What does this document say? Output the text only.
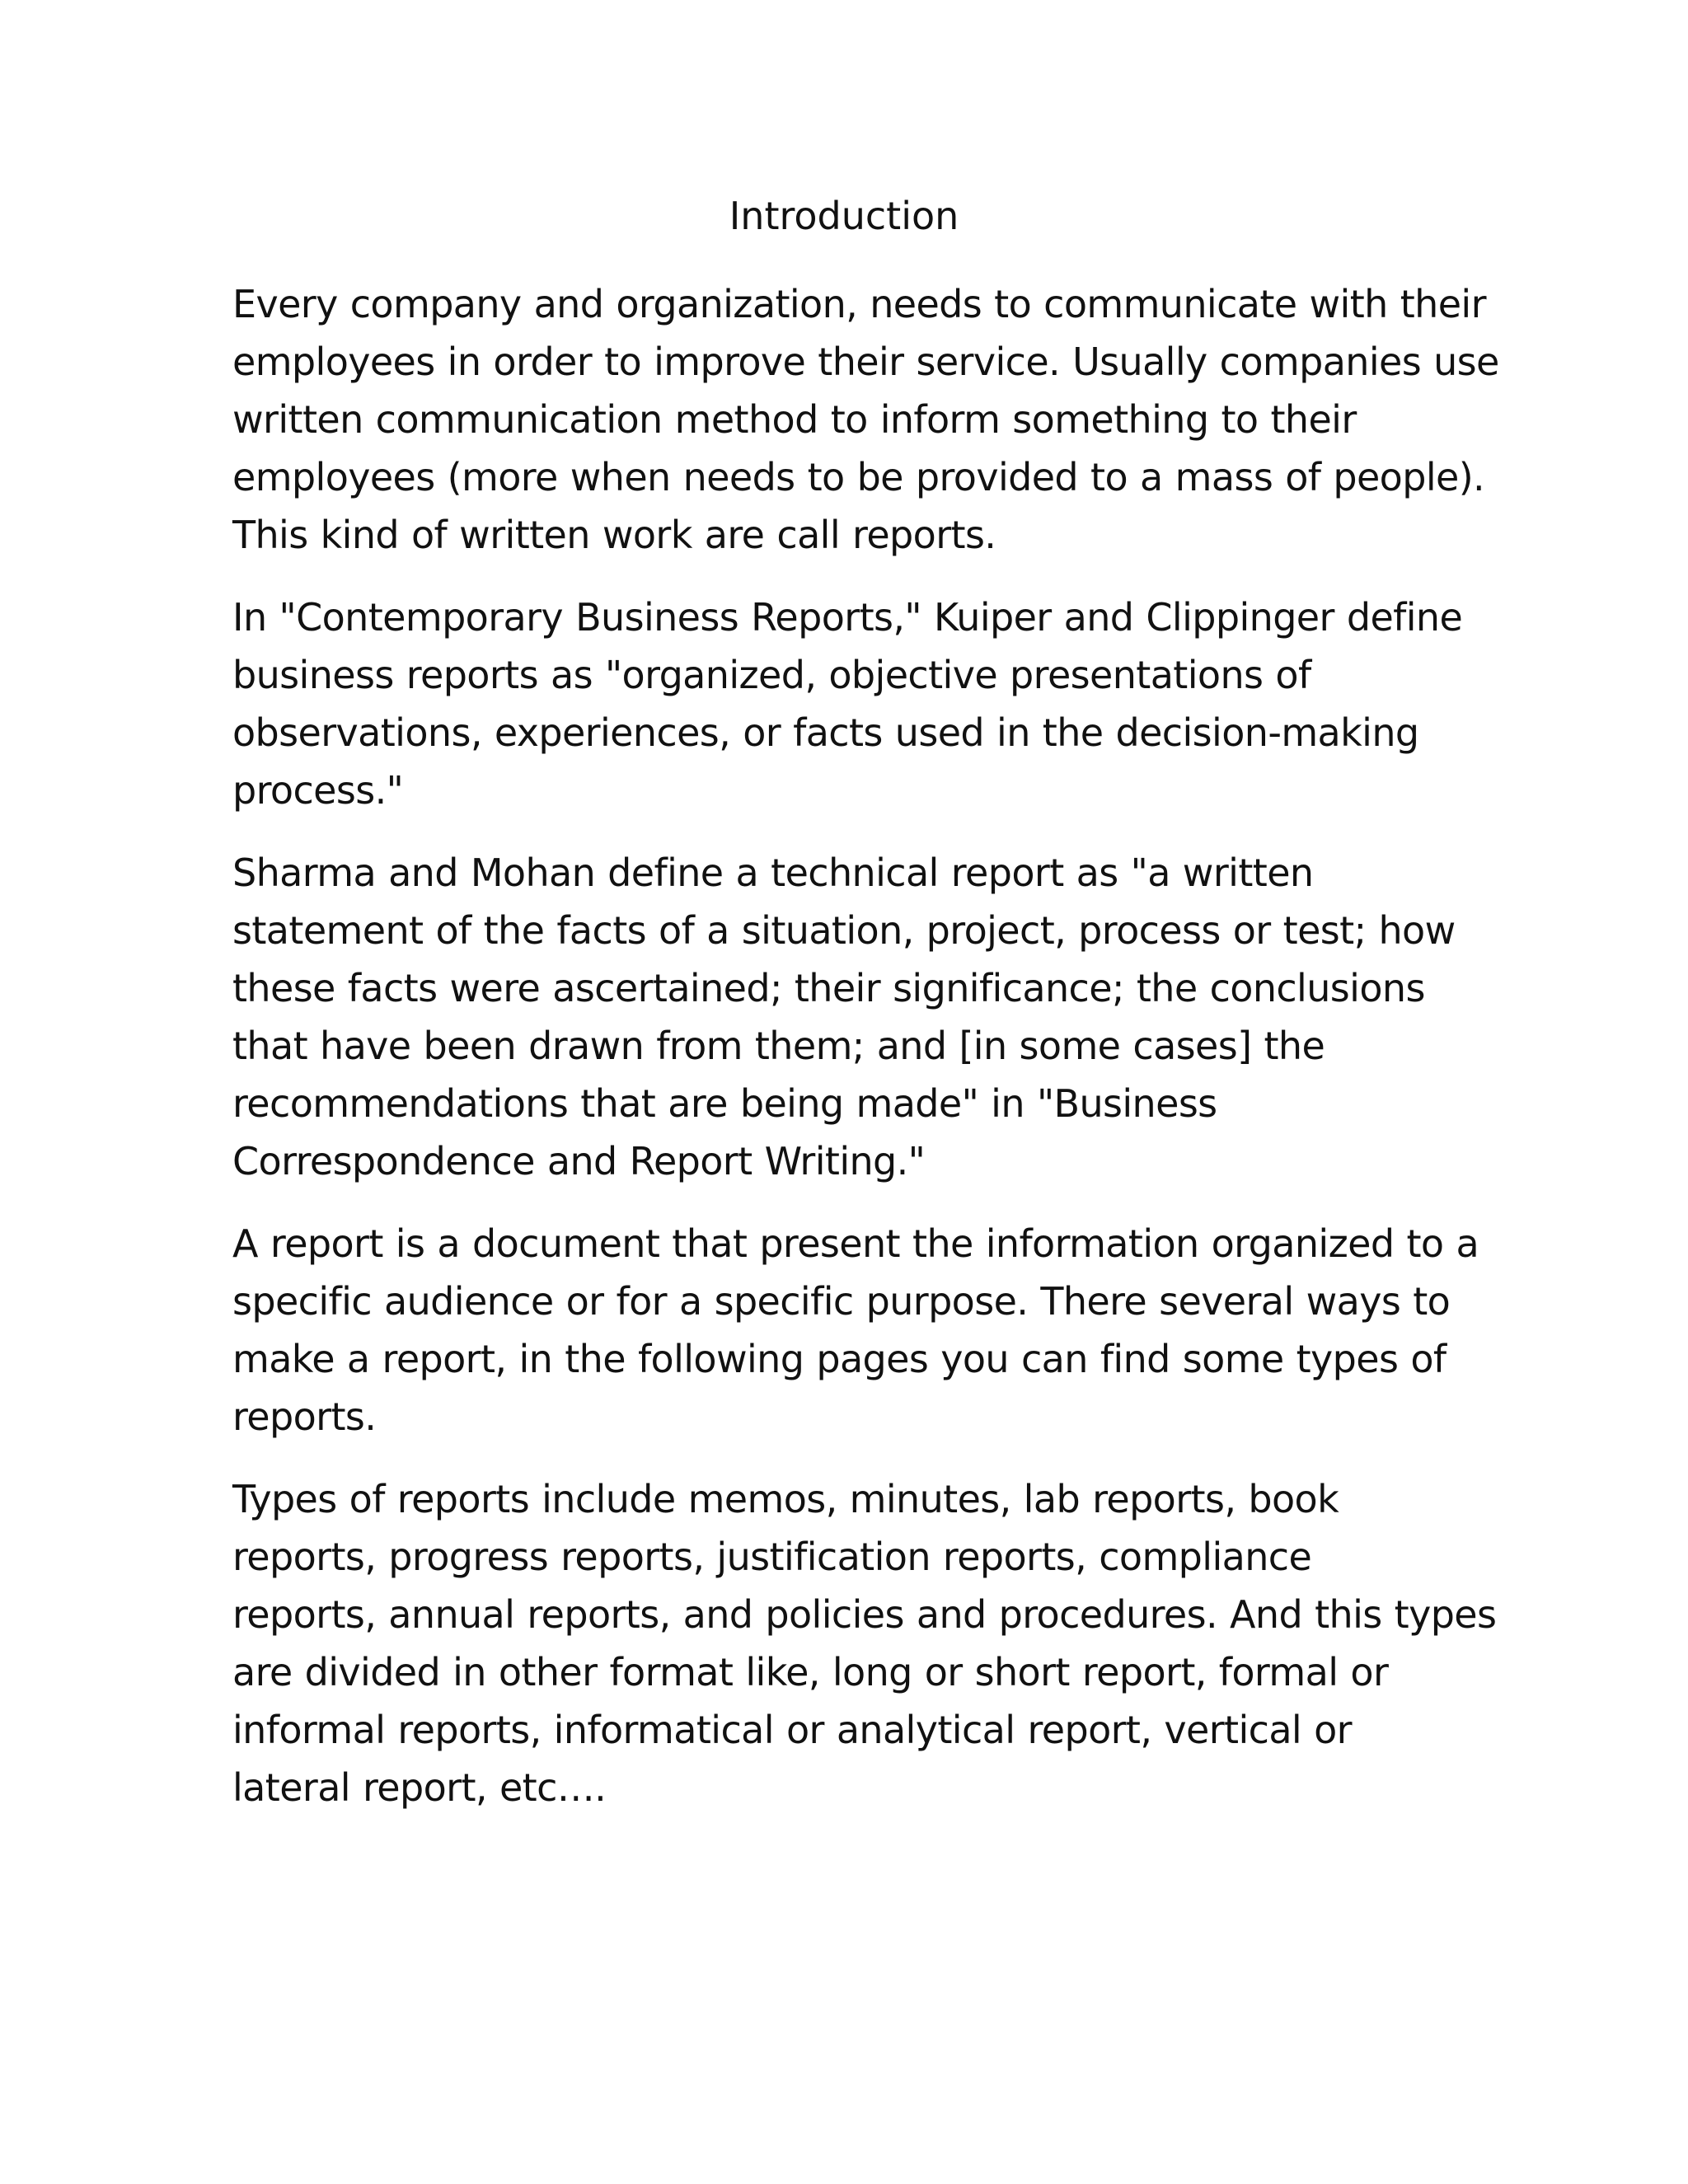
Introduction

Every company and organization, needs to communicate with their
employees in order to improve their service. Usually companies use
written communication method to inform something to their
employees (more when needs to be provided to a mass of people).
This kind of written work are call reports.

In "Contemporary Business Reports," Kuiper and Clippinger define
business reports as "organized, objective presentations of
observations, experiences, or facts used in the decision-making
process."

Sharma and Mohan define a technical report as "a written
statement of the facts of a situation, project, process or test; how
these facts were ascertained; their significance; the conclusions
that have been drawn from them; and [in some cases] the
recommendations that are being made" in "Business
Correspondence and Report Writing."

A report is a document that present the information organized to a
specific audience or for a specific purpose. There several ways to
make a report, in the following pages you can find some types of
reports.

Types of reports include memos, minutes, lab reports, book
reports, progress reports, justification reports, compliance
reports, annual reports, and policies and procedures. And this types
are divided in other format like, long or short report, formal or
informal reports, informatical or analytical report, vertical or
lateral report, etc….
